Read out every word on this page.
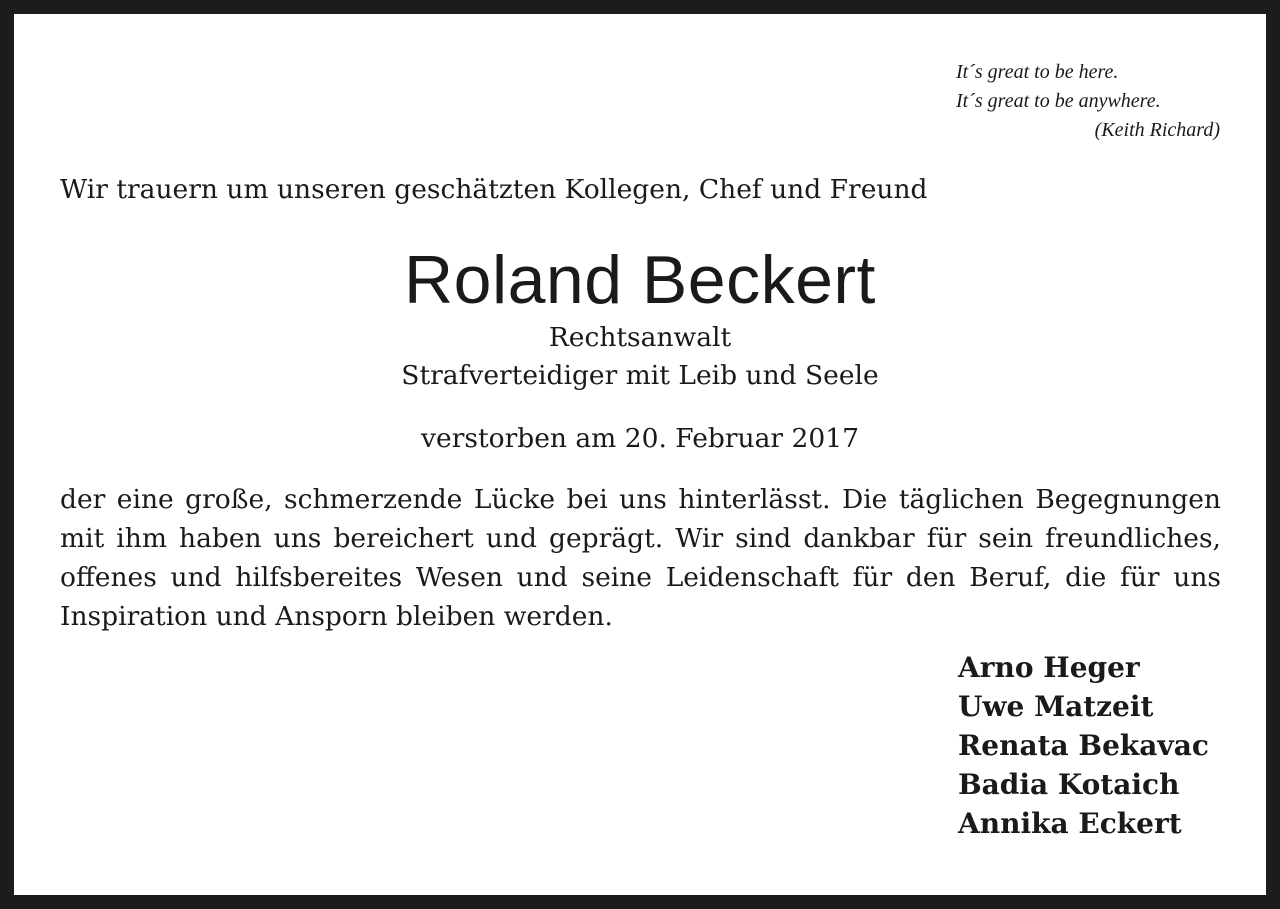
It´s great to be here.
It´s great to be anywhere.
(Keith Richard)
Wir trauern um unseren geschätzten Kollegen, Chef und Freund
Roland Beckert
Rechtsanwalt
Strafverteidiger mit Leib und Seele
verstorben am 20. Februar 2017
der eine große, schmerzende Lücke bei uns hinterlässt. Die täglichen Begegnungen mit ihm haben uns bereichert und geprägt. Wir sind dankbar für sein freundliches, offenes und hilfsbereites Wesen und seine Leidenschaft für den Beruf, die für uns Inspiration und Ansporn bleiben werden.
Arno Heger
Uwe Matzeit
Renata Bekavac
Badia Kotaich
Annika Eckert
